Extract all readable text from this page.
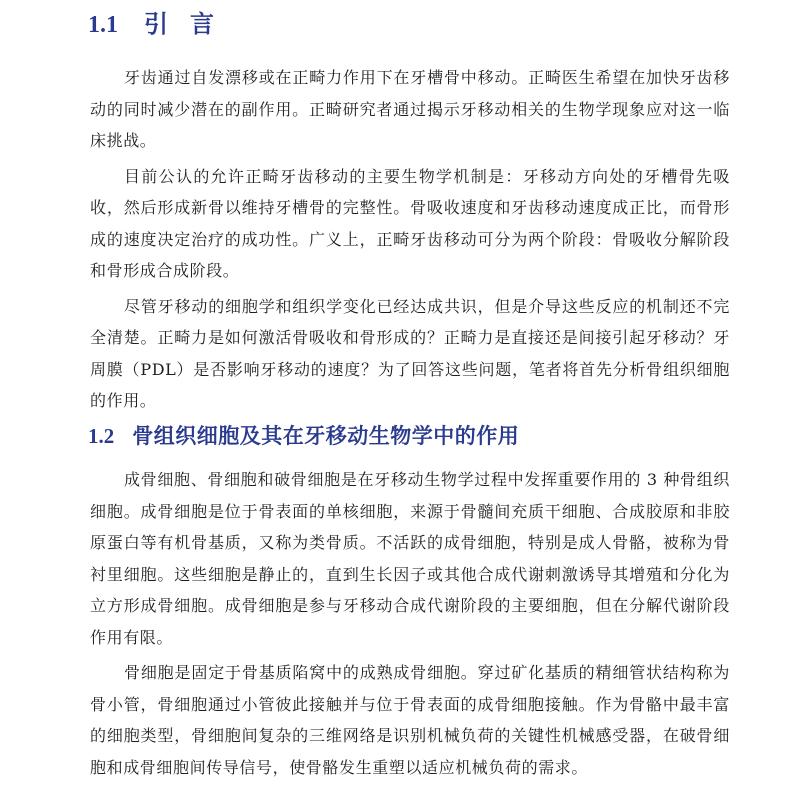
1.1 引言

牙齿通过自发漂移或在正畸力作用下在牙槽骨中移动。正畸医生希望在加快牙齿移动的同时减少潜在的副作用。正畸研究者通过揭示牙移动相关的生物学现象应对这一临床挑战。

目前公认的允许正畸牙齿移动的主要生物学机制是：牙移动方向处的牙槽骨先吸收，然后形成新骨以维持牙槽骨的完整性。骨吸收速度和牙齿移动速度成正比，而骨形成的速度决定治疗的成功性。广义上，正畸牙齿移动可分为两个阶段：骨吸收分解阶段和骨形成合成阶段。

尽管牙移动的细胞学和组织学变化已经达成共识，但是介导这些反应的机制还不完全清楚。正畸力是如何激活骨吸收和骨形成的？正畸力是直接还是间接引起牙移动？牙周膜（PDL）是否影响牙移动的速度？为了回答这些问题，笔者将首先分析骨组织细胞的作用。

1.2 骨组织细胞及其在牙移动生物学中的作用

成骨细胞、骨细胞和破骨细胞是在牙移动生物学过程中发挥重要作用的 3 种骨组织细胞。成骨细胞是位于骨表面的单核细胞，来源于骨髓间充质干细胞、合成胶原和非胶原蛋白等有机骨基质，又称为类骨质。不活跃的成骨细胞，特别是成人骨骼，被称为骨衬里细胞。这些细胞是静止的，直到生长因子或其他合成代谢刺激诱导其增殖和分化为立方形成骨细胞。成骨细胞是参与牙移动合成代谢阶段的主要细胞，但在分解代谢阶段作用有限。

骨细胞是固定于骨基质陷窝中的成熟成骨细胞。穿过矿化基质的精细管状结构称为骨小管，骨细胞通过小管彼此接触并与位于骨表面的成骨细胞接触。作为骨骼中最丰富的细胞类型，骨细胞间复杂的三维网络是识别机械负荷的关键性机械感受器，在破骨细胞和成骨细胞间传导信号，使骨骼发生重塑以适应机械负荷的需求。
